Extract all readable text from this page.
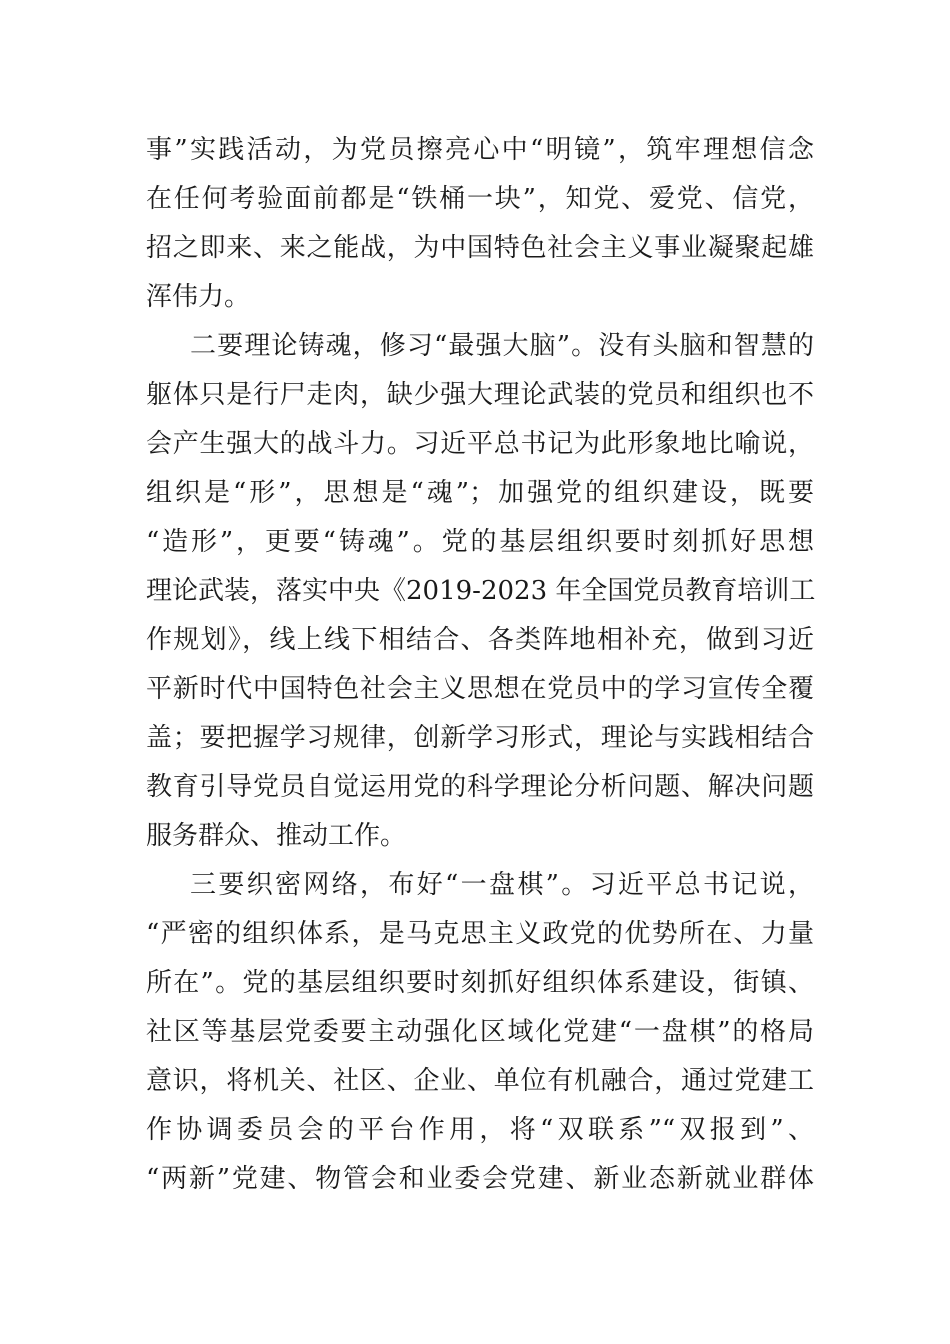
事”实践活动，为党员擦亮心中“明镜”，筑牢理想信念
在任何考验面前都是“铁桶一块”，知党、爱党、信党，
招之即来、来之能战，为中国特色社会主义事业凝聚起雄
浑伟力。
二要理论铸魂，修习“最强大脑”。没有头脑和智慧的
躯体只是行尸走肉，缺少强大理论武装的党员和组织也不
会产生强大的战斗力。习近平总书记为此形象地比喻说，
组织是“形”，思想是“魂”；加强党的组织建设，既要
“造形”，更要“铸魂”。党的基层组织要时刻抓好思想
理论武装，落实中央《2019-2023 年全国党员教育培训工
作规划》，线上线下相结合、各类阵地相补充，做到习近
平新时代中国特色社会主义思想在党员中的学习宣传全覆
盖；要把握学习规律，创新学习形式，理论与实践相结合
教育引导党员自觉运用党的科学理论分析问题、解决问题
服务群众、推动工作。
三要织密网络，布好“一盘棋”。习近平总书记说，
“严密的组织体系，是马克思主义政党的优势所在、力量
所在”。党的基层组织要时刻抓好组织体系建设，街镇、
社区等基层党委要主动强化区域化党建“一盘棋”的格局
意识，将机关、社区、企业、单位有机融合，通过党建工
作协调委员会的平台作用，将“双联系”“双报到”、
“两新”党建、物管会和业委会党建、新业态新就业群体
